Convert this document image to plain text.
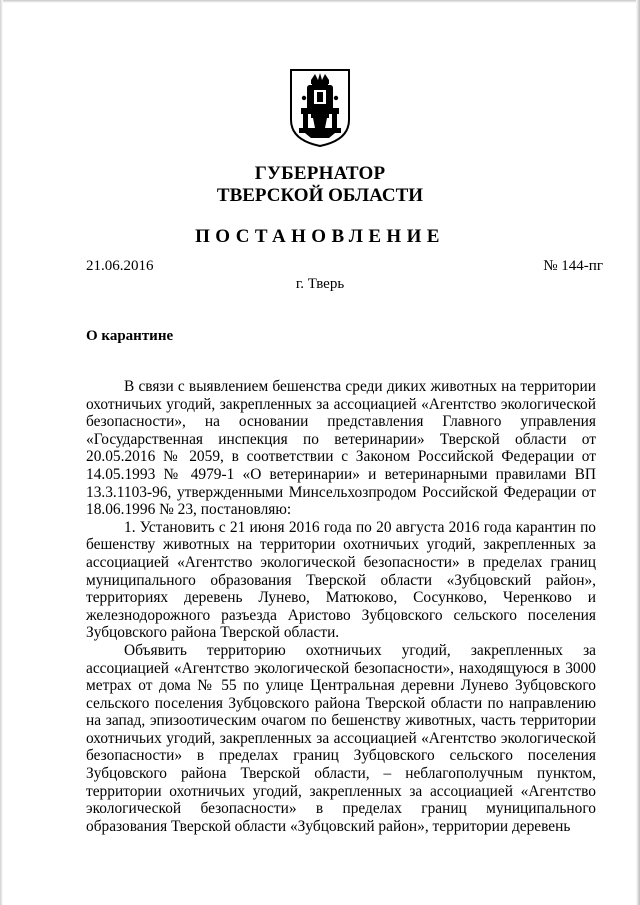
ГУБЕРНАТОР
ТВЕРСКОЙ ОБЛАСТИ
ПОСТАНОВЛЕНИЕ
21.06.2016	№ 144-пг
г. Тверь
О карантине

В связи с выявлением бешенства среди диких животных на территории охотничьих угодий, закрепленных за ассоциацией «Агентство экологической безопасности», на основании представления Главного управления «Государственная инспекция по ветеринарии» Тверской области от 20.05.2016 № 2059, в соответствии с Законом Российской Федерации от 14.05.1993 № 4979-1 «О ветеринарии» и ветеринарными правилами ВП 13.3.1103-96, утвержденными Минсельхозпродом Российской Федерации от 18.06.1996 № 23, постановляю:

1. Установить с 21 июня 2016 года по 20 августа 2016 года карантин по бешенству животных на территории охотничьих угодий, закрепленных за ассоциацией «Агентство экологической безопасности» в пределах границ муниципального образования Тверской области «Зубцовский район», территориях деревень Лунево, Матюково, Сосунково, Черенково и железнодорожного разъезда Аристово Зубцовского сельского поселения Зубцовского района Тверской области.

Объявить территорию охотничьих угодий, закрепленных за ассоциацией «Агентство экологической безопасности», находящуюся в 3000 метрах от дома № 55 по улице Центральная деревни Лунево Зубцовского сельского поселения Зубцовского района Тверской области по направлению на запад, эпизоотическим очагом по бешенству животных, часть территории охотничьих угодий, закрепленных за ассоциацией «Агентство экологической безопасности» в пределах границ Зубцовского сельского поселения Зубцовского района Тверской области, – неблагополучным пунктом, территории охотничьих угодий, закрепленных за ассоциацией «Агентство экологической безопасности» в пределах границ муниципального образования Тверской области «Зубцовский район», территории деревень
